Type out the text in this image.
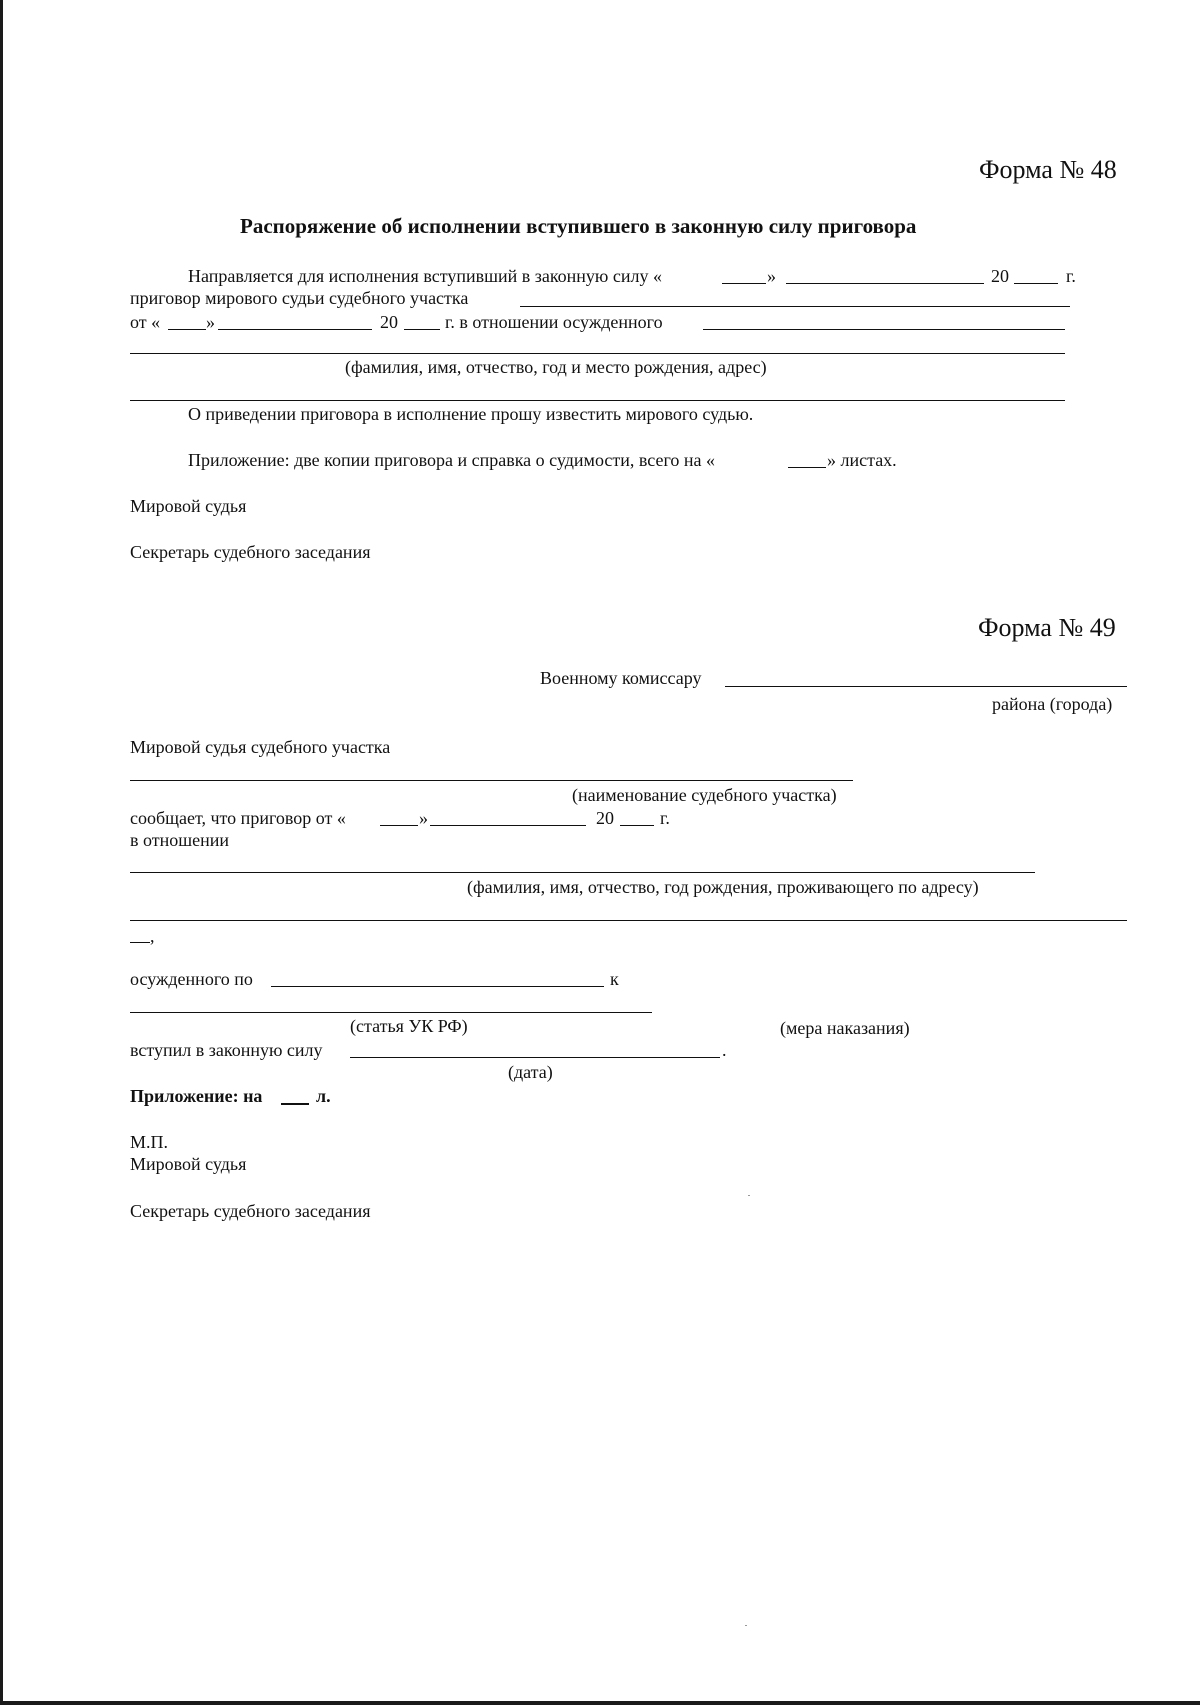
Форма № 48
Распоряжение об исполнении вступившего в законную силу приговора
Направляется для исполнения вступивший в законную силу «	»	20	г.
приговор мирового судьи судебного участка
от «	»	20	г. в отношении осужденного
(фамилия, имя, отчество, год и место рождения, адрес)
О приведении приговора в исполнение прошу известить мирового судью.
Приложение: две копии приговора и справка о судимости, всего на «	» листах.
Мировой судья
Секретарь судебного заседания
Форма № 49
Военному комиссару
района (города)
Мировой судья судебного участка
(наименование судебного участка)
сообщает, что приговор от «	»	20	г.
в отношении
(фамилия, имя, отчество, год рождения, проживающего по адресу)
,
осужденного по	к
(статья УК РФ)	(мера наказания)
вступил в законную силу	.
(дата)
Приложение: на	л.
М.П.
Мировой судья
Секретарь судебного заседания
